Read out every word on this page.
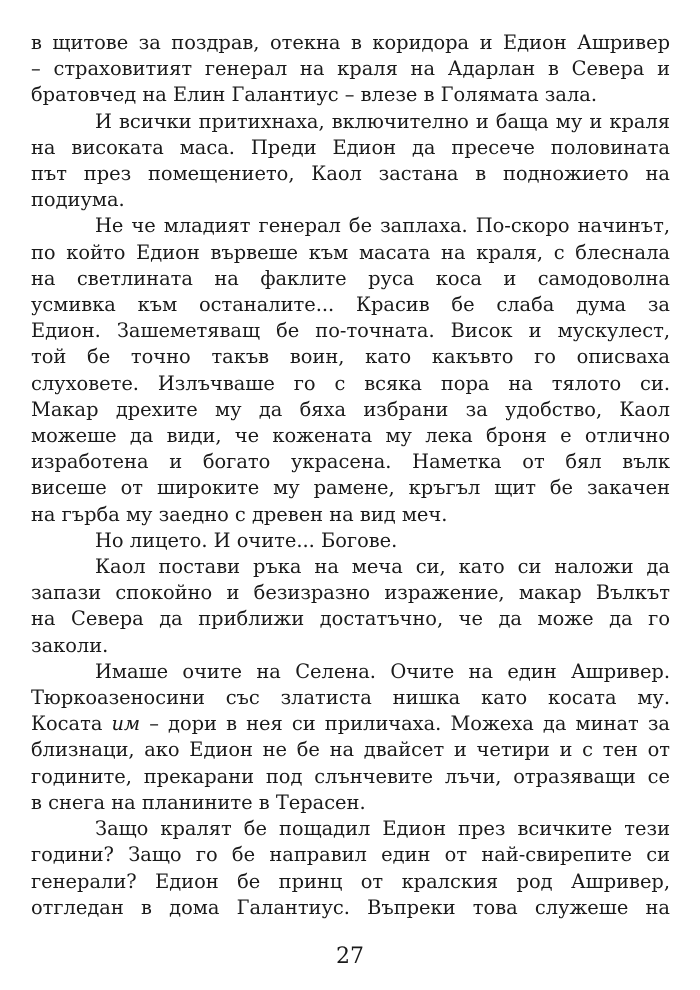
в щитове за поздрав, отекна в коридора и Едион Ашривер
– страховитият генерал на краля на Адарлан в Севера и
братовчед на Елин Галантиус – влезе в Голямата зала.

И всички притихнаха, включително и баща му и краля
на високата маса. Преди Едион да пресече половината
път през помещението, Каол застана в подножието на
подиума.

Не че младият генерал бе заплаха. По-скоро начинът,
по който Едион вървеше към масата на краля, с блеснала
на светлината на факлите руса коса и самодоволна
усмивка към останалите... Красив бе слаба дума за
Едион. Зашеметяващ бе по-точната. Висок и мускулест,
той бе точно такъв воин, като какъвто го описваха
слуховете. Излъчваше го с всяка пора на тялото си.
Макар дрехите му да бяха избрани за удобство, Каол
можеше да види, че кожената му лека броня е отлично
изработена и богато украсена. Наметка от бял вълк
висеше от широките му рамене, кръгъл щит бе закачен
на гърба му заедно с древен на вид меч.

Но лицето. И очите... Богове.

Каол постави ръка на меча си, като си наложи да
запази спокойно и безизразно изражение, макар Вълкът
на Севера да приближи достатъчно, че да може да го
заколи.

Имаше очите на Селена. Очите на един Ашривер.
Тюркоазеносини със златиста нишка като косата му.
Косата им – дори в нея си приличаха. Можеха да минат за
близнаци, ако Едион не бе на двайсет и четири и с тен от
годините, прекарани под слънчевите лъчи, отразяващи се
в снега на планините в Терасен.

Защо кралят бе пощадил Едион през всичките тези
години? Защо го бе направил един от най-свирепите си
генерали? Едион бе принц от кралския род Ашривер,
отгледан в дома Галантиус. Въпреки това служеше на

27
